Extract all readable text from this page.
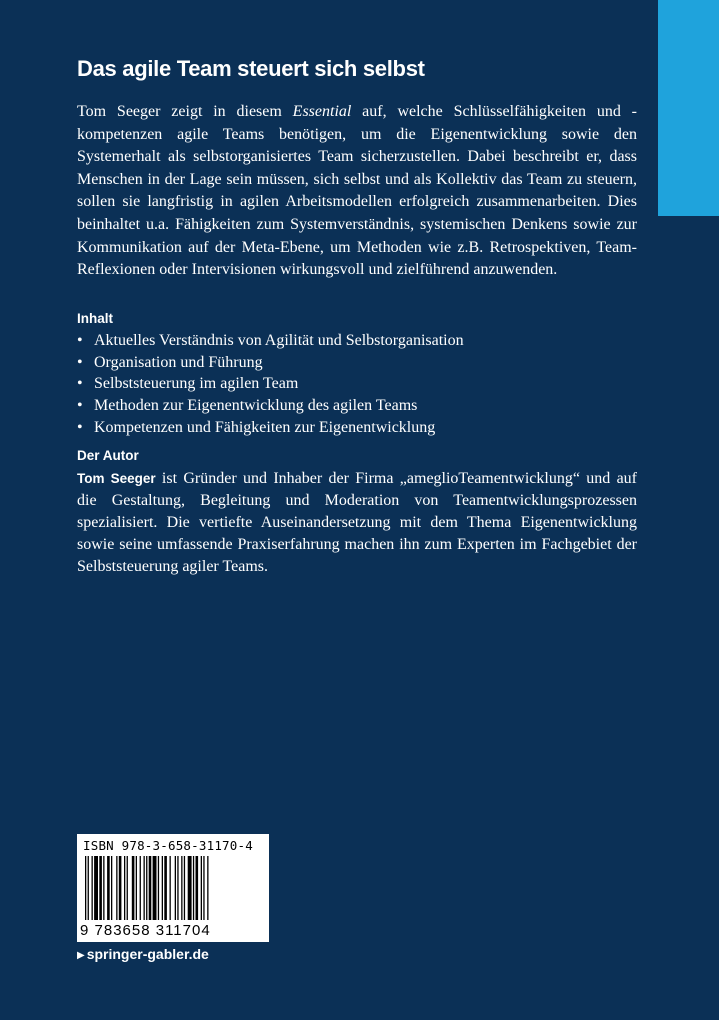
Das agile Team steuert sich selbst

Tom Seeger zeigt in diesem Essential auf, welche Schlüsselfähigkeiten und -kompetenzen agile Teams benötigen, um die Eigenentwicklung sowie den Systemerhalt als selbstorganisiertes Team sicherzustellen. Dabei beschreibt er, dass Menschen in der Lage sein müssen, sich selbst und als Kollektiv das Team zu steuern, sollen sie langfristig in agilen Arbeitsmodellen erfolgreich zusammenarbeiten. Dies beinhaltet u.a. Fähigkeiten zum Systemverständnis, systemischen Denkens sowie zur Kommunikation auf der Meta-Ebene, um Methoden wie z.B. Retrospektiven, Team-Reflexionen oder Intervisionen wirkungsvoll und zielführend anzuwenden.

Inhalt
• Aktuelles Verständnis von Agilität und Selbstorganisation
• Organisation und Führung
• Selbststeuerung im agilen Team
• Methoden zur Eigenentwicklung des agilen Teams
• Kompetenzen und Fähigkeiten zur Eigenentwicklung
Der Autor

Tom Seeger ist Gründer und Inhaber der Firma „ameglioTeamentwicklung“ und auf die Gestaltung, Begleitung und Moderation von Teamentwicklungsprozessen spezialisiert. Die vertiefte Auseinandersetzung mit dem Thema Eigenentwicklung sowie seine umfassende Praxiserfahrung machen ihn zum Experten im Fachgebiet der Selbststeuerung agiler Teams.

ISBN 978-3-658-31170-4
9 783658 311704
▶ springer-gabler.de
